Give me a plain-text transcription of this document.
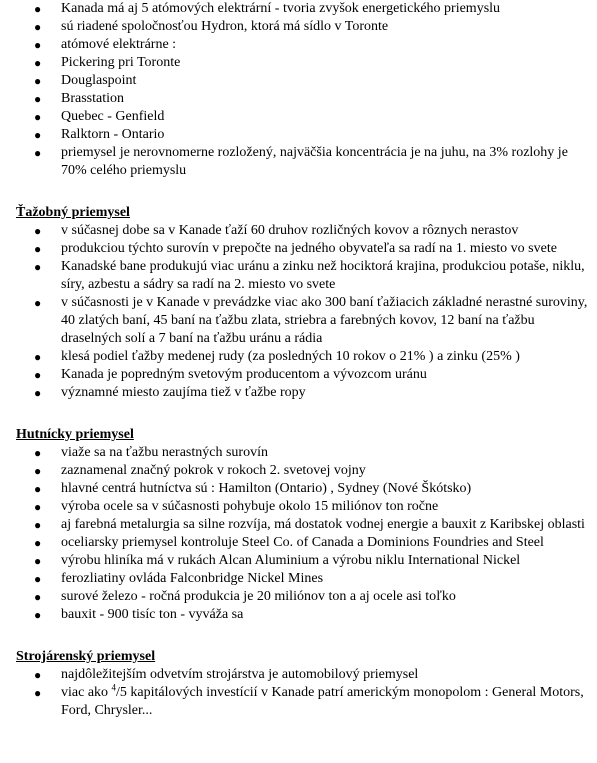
● Kanada má aj 5 atómových elektrární - tvoria zvyšok energetického priemyslu
● sú riadené spoločnosťou Hydron, ktorá má sídlo v Toronte
● atómové elektrárne :
● Pickering pri Toronte
● Douglaspoint
● Brasstation
● Quebec - Genfield
● Ralktorn - Ontario
● priemysel je nerovnomerne rozložený, najväčšia koncentrácia je na juhu, na 3% rozlohy je 70% celého priemyslu
Ťažobný priemysel
● v súčasnej dobe sa v Kanade ťaží 60 druhov rozličných kovov a rôznych nerastov
● produkciou týchto surovín v prepočte na jedného obyvateľa sa radí na 1. miesto vo svete
● Kanadské bane produkujú viac uránu a zinku než hociktorá krajina, produkciou potaše, niklu, síry, azbestu a sádry sa radí na 2. miesto vo svete
● v súčasnosti je v Kanade v prevádzke viac ako 300 baní ťažiacich základné nerastné suroviny, 40 zlatých baní, 45 baní na ťažbu zlata, striebra a farebných kovov, 12 baní na ťažbu draselných solí a 7 baní na ťažbu uránu a rádia
● klesá podiel ťažby medenej rudy (za posledných 10 rokov o 21% ) a zinku (25% )
● Kanada je popredným svetovým producentom a vývozcom uránu
● významné miesto zaujíma tiež v ťažbe ropy
Hutnícky priemysel
● viaže sa na ťažbu nerastných surovín
● zaznamenal značný pokrok v rokoch 2. svetovej vojny
● hlavné centrá hutníctva sú : Hamilton (Ontario) , Sydney (Nové Škótsko)
● výroba ocele sa v súčasnosti pohybuje okolo 15 miliónov ton ročne
● aj farebná metalurgia sa silne rozvíja, má dostatok vodnej energie a bauxit z Karibskej oblasti
● oceliarsky priemysel kontroluje Steel Co. of Canada a Dominions Foundries and Steel
● výrobu hliníka má v rukách Alcan Aluminium a výrobu niklu International Nickel
● ferozliatiny ovláda Falconbridge Nickel Mines
● surové železo - ročná produkcia je 20 miliónov ton a aj ocele asi toľko
● bauxit - 900 tisíc ton - vyváža sa
Strojárenský priemysel
● najdôležitejším odvetvím strojárstva je automobilový priemysel
● viac ako $^4$/5 kapitálových investícií v Kanade patrí americkým monopolom : General Motors, Ford, Chrysler...
